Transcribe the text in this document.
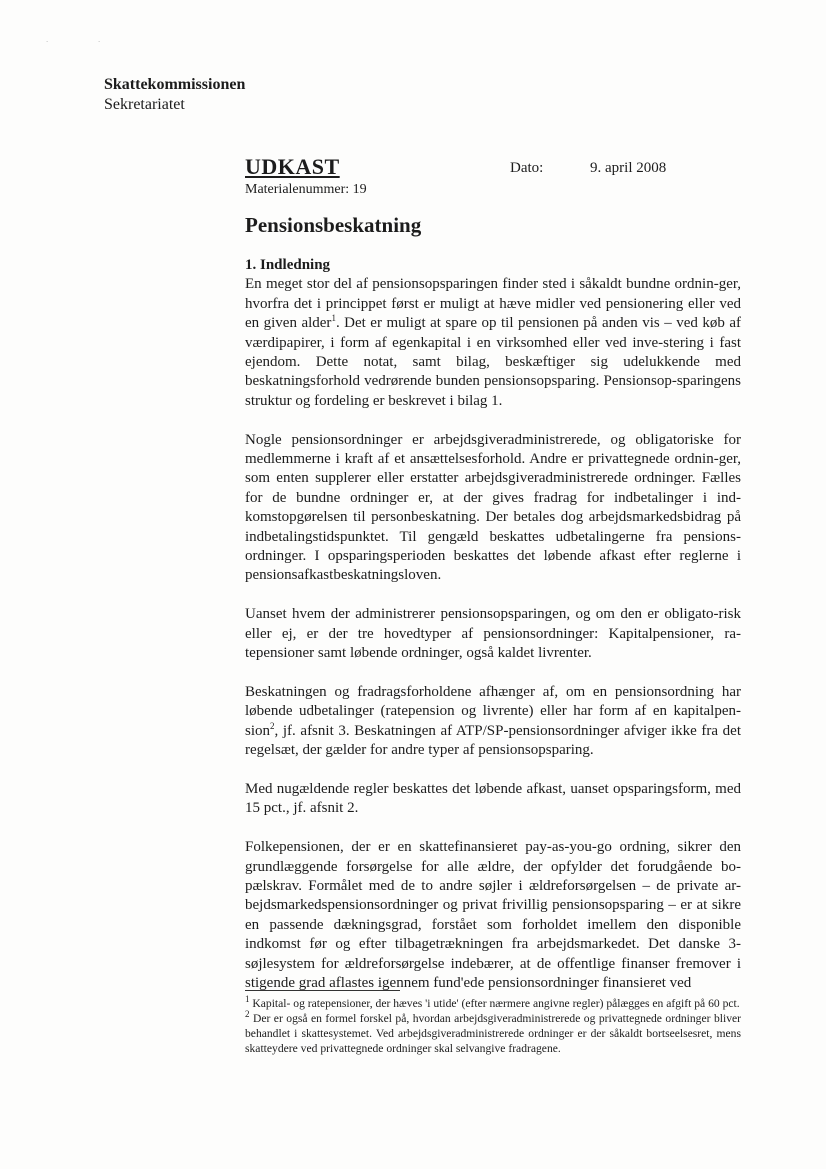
·	·
Skattekommissionen
Sekretariatet
UDKAST	Dato:	9. april 2008
Materialenummer: 19
Pensionsbeskatning
1. Indledning

En meget stor del af pensionsopsparingen finder sted i såkaldt bundne ordnin-ger, hvorfra det i princippet først er muligt at hæve midler ved pensionering eller ved en given alder$^1$. Det er muligt at spare op til pensionen på anden vis – ved køb af værdipapirer, i form af egenkapital i en virksomhed eller ved inve-stering i fast ejendom. Dette notat, samt bilag, beskæftiger sig udelukkende med beskatningsforhold vedrørende bunden pensionsopsparing. Pensionsop-sparingens struktur og fordeling er beskrevet i bilag 1.

Nogle pensionsordninger er arbejdsgiveradministrerede, og obligatoriske for medlemmerne i kraft af et ansættelsesforhold. Andre er privattegnede ordnin-ger, som enten supplerer eller erstatter arbejdsgiveradministrerede ordninger. Fælles for de bundne ordninger er, at der gives fradrag for indbetalinger i ind-komstopgørelsen til personbeskatning. Der betales dog arbejdsmarkedsbidrag på indbetalingstidspunktet. Til gengæld beskattes udbetalingerne fra pensions-ordninger. I opsparingsperioden beskattes det løbende afkast efter reglerne i pensionsafkastbeskatningsloven.

Uanset hvem der administrerer pensionsopsparingen, og om den er obligato-risk eller ej, er der tre hovedtyper af pensionsordninger: Kapitalpensioner, ra-tepensioner samt løbende ordninger, også kaldet livrenter.

Beskatningen og fradragsforholdene afhænger af, om en pensionsordning har løbende udbetalinger (ratepension og livrente) eller har form af en kapitalpen-sion$^2$, jf. afsnit 3. Beskatningen af ATP/SP-pensionsordninger afviger ikke fra det regelsæt, der gælder for andre typer af pensionsopsparing.

Med nugældende regler beskattes det løbende afkast, uanset opsparingsform, med 15 pct., jf. afsnit 2.

Folkepensionen, der er en skattefinansieret pay-as-you-go ordning, sikrer den grundlæggende forsørgelse for alle ældre, der opfylder det forudgående bo-pælskrav. Formålet med de to andre søjler i ældreforsørgelsen – de private ar-bejdsmarkedspensionsordninger og privat frivillig pensionsopsparing – er at sikre en passende dækningsgrad, forstået som forholdet imellem den disponible indkomst før og efter tilbagetrækningen fra arbejdsmarkedet. Det danske 3-søjlesystem for ældreforsørgelse indebærer, at de offentlige finanser fremover i stigende grad aflastes igennem fund'ede pensionsordninger finansieret ved

$^1$ Kapital- og ratepensioner, der hæves 'i utide' (efter nærmere angivne regler) pålægges en afgift på 60 pct.

$^2$ Der er også en formel forskel på, hvordan arbejdsgiveradministrerede og privattegnede ordninger bliver behandlet i skattesystemet. Ved arbejdsgiveradministrerede ordninger er der såkaldt bortseelsesret, mens skatteydere ved privattegnede ordninger skal selvangive fradragene.
